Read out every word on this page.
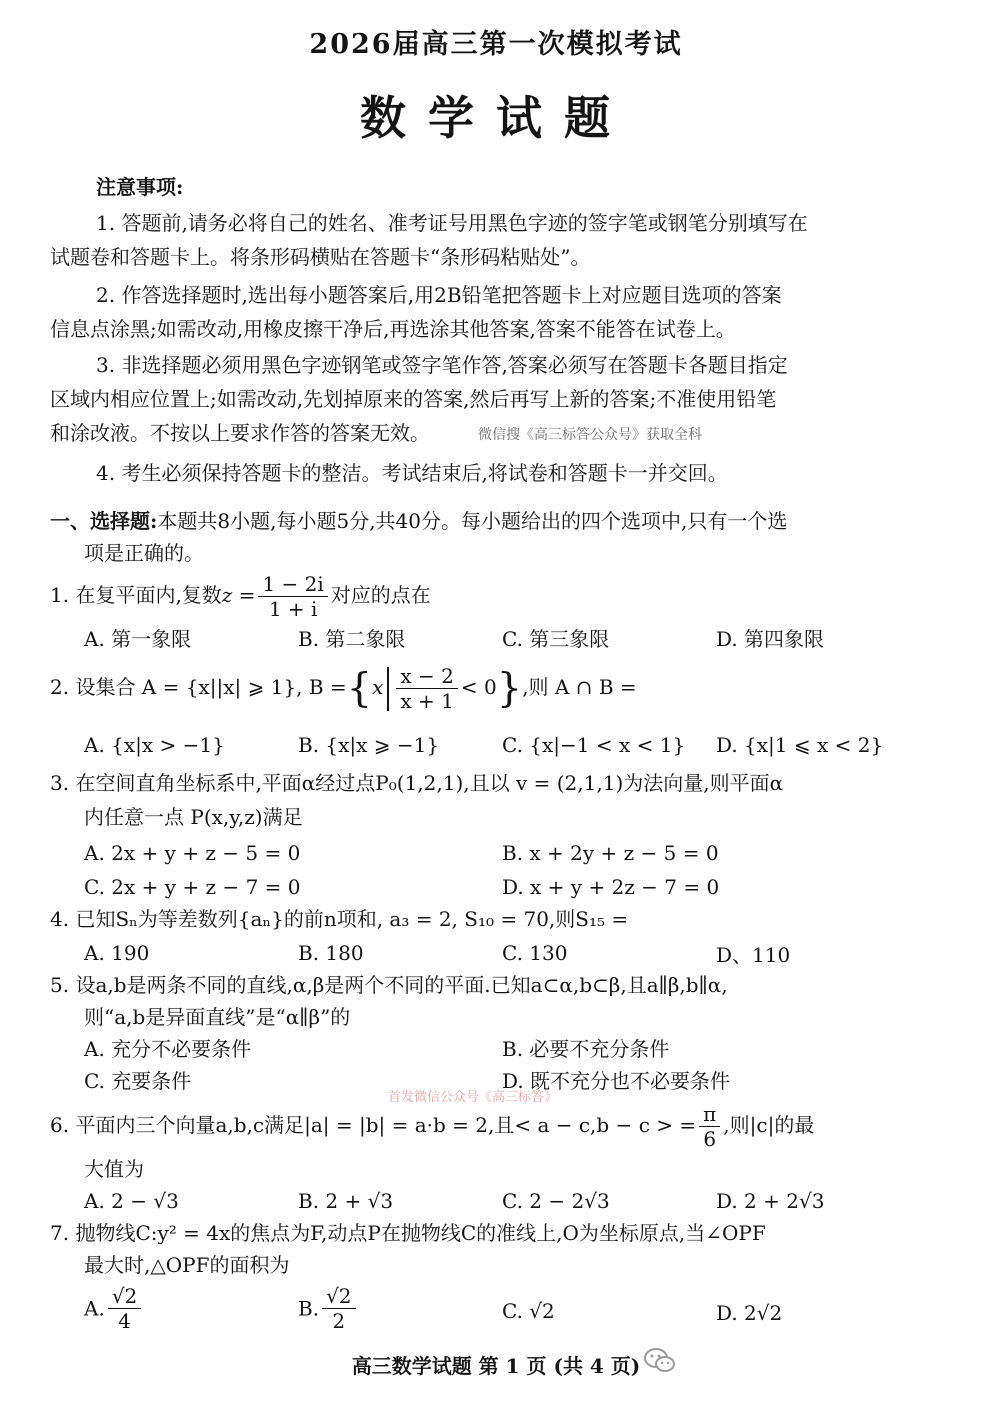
2026届高三第一次模拟考试
数学试题
注意事项:
1. 答题前,请务必将自己的姓名、准考证号用黑色字迹的签字笔或钢笔分别填写在
试题卷和答题卡上。将条形码横贴在答题卡“条形码粘贴处”。
2. 作答选择题时,选出每小题答案后,用2B铅笔把答题卡上对应题目选项的答案
信息点涂黑;如需改动,用橡皮擦干净后,再选涂其他答案,答案不能答在试卷上。
3. 非选择题必须用黑色字迹钢笔或签字笔作答,答案必须写在答题卡各题目指定
区域内相应位置上;如需改动,先划掉原来的答案,然后再写上新的答案;不准使用铅笔
和涂改液。不按以上要求作答的答案无效。	微信搜《高三标答公众号》获取全科
4. 考生必须保持答题卡的整洁。考试结束后,将试卷和答题卡一并交回。
一、选择题:本题共8小题,每小题5分,共40分。每小题给出的四个选项中,只有一个选
项是正确的。
1. 在复平面内,复数$z = \frac{1 - 2i}{1 + i}$ 对应的点在
A. 第一象限	B. 第二象限	C. 第三象限	D. 第四象限
2. 设集合 A = {x||x| ⩾ 1}, $B =\{x \frac{x - 2}{x + 1} < 0\}$,则 A ∩ B =
A. {x|x > −1}	B. {x|x ⩾ −1}	C. {x|−1 < x < 1} D. {x|1 ⩽ x < 2}
3. 在空间直角坐标系中,平面α经过点P₀(1,2,1),且以 v = (2,1,1)为法向量,则平面α
内任意一点 P(x,y,z)满足
A. 2x + y + z − 5 = 0	B. x + 2y + z − 5 = 0
C. 2x + y + z − 7 = 0	D. x + y + 2z − 7 = 0
4. 已知Sₙ为等差数列{aₙ}的前n项和, a₃ = 2, S₁₀ = 70,则S₁₅ =
A. 190	B. 180	C. 130	D、110
5. 设a,b是两条不同的直线,α,β是两个不同的平面.已知a⊂α,b⊂β,且a∥β,b∥α,
则“a,b是异面直线”是“α∥β”的
A. 充分不必要条件	B. 必要不充分条件
C. 充要条件	D. 既不充分也不必要条件
首发微信公众号《高三标答》
6. 平面内三个向量a,b,c满足|a| = |b| = a·b = 2,且< a − c,b − c > = $\frac{\pi}{6}$ ,则|c|的最
大值为
A. 2 − √3	B. 2 + √3	C. 2 − 2√3	D. 2 + 2√3
7. 抛物线C:y² = 4x的焦点为F,动点P在抛物线C的准线上,O为坐标原点,当∠OPF
最大时,△OPF的面积为
A. $\frac{√2}{4}$	B. $\frac{√2}{2}$	C. √2	D. 2√2
高三数学试题 第 1 页 (共 4 页)
